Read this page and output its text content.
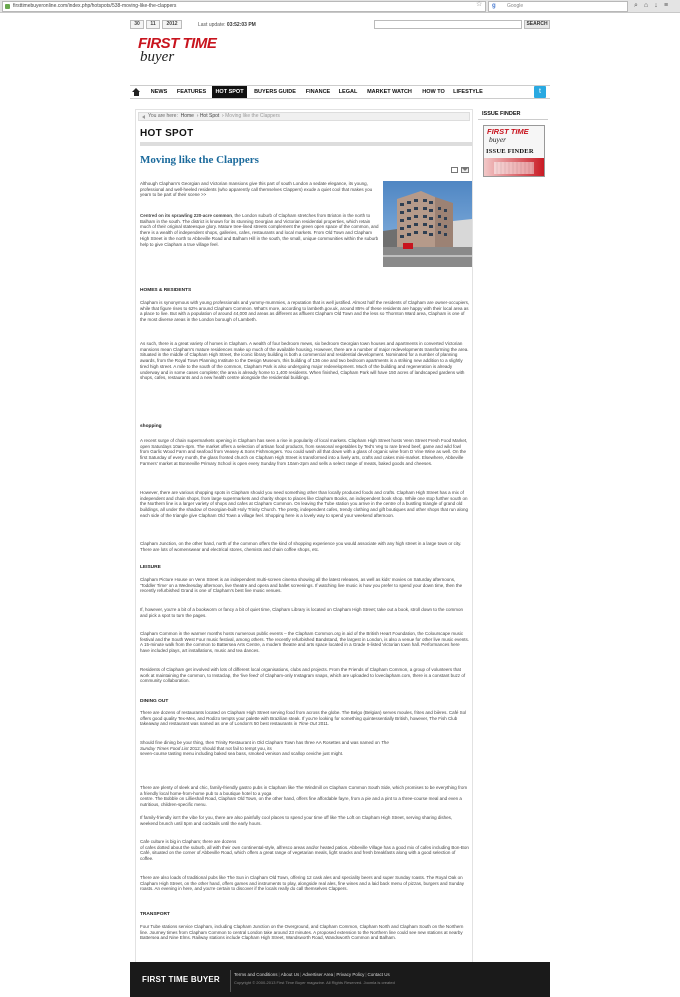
firsttimebuyeronline.com/index.php/hotspots/538-moving-like-the-clappers	☆ g Google	⌕ ⌂ ↓ ≡
30	11	2012	Last update: 03:52:03 PM	SEARCH
FIRST TIME
buyer
NEWS	FEATURES	HOT SPOT	BUYERS GUIDE	FINANCE	LEGAL	MARKET WATCH	HOW TO	LIFESTYLE	t
You are here: Home  › Hot Spot  › Moving like the Clappers
HOT SPOT
Moving like the Clappers
Although Clapham's Georgian and Victorian mansions give this part of south London a sedate elegance, its young, professional and well-heeled residents (who apparently call themselves Clappers) exude a quiet cool that makes you yearn to be part of their scene >>
Centred on its sprawling 220-acre common, the London suburb of Clapham stretches from Brixton in the north to Balham in the south. The district is known for its stunning Georgian and Victorian residential properties, which retain much of their original stateesque glory. Mature tree-lined streets complement the green open space of the common, and there is a wealth of independent shops, galleries, cafes, restaurants and local markets. From Old Town and Clapham High Street in the north to Abbeville Road and Balham Hill in the south, the small, unique communities within the suburb help to give Clapham a true village feel.
HOMES & RESIDENTS
Clapham is synonymous with young professionals and yummy-mummies, a reputation that is well justified. Almost half the residents of Clapham are owner-occupiers, while that figure rises to 62% around Clapham Common. What's more, according to lambeth.gov.uk, around 85% of these residents are happy with their local area as a place to live. But with a population of around 44,000 and areas as different as affluent Clapham Old Town and the less so Thornton Ward area, Clapham is one of the most diverse areas in the London borough of Lambeth.
As such, there is a great variety of homes in Clapham. A wealth of four bedroom mews, six bedroom Georgian town houses and apartments in converted Victorian mansions mean Clapham's mature residences make up much of the available housing. However, there are a number of major redevelopments transforming the area. Situated in the middle of Clapham High Street, the iconic library building is both a commercial and residential development. Nominated for a number of planning awards, from the Royal Town Planning Institute to the Design Museum, this building of 136 one and two bedroom apartments is a striking new addition to a slightly tired high street. A mile to the south of the common, Clapham Park is also undergoing major redevelopment. Much of the building and regeneration is already underway and in some cases complete; the area is already home to 1,400 residents. When finished, Clapham Park will have 150 acres of landscaped gardens with shops, cafes, restaurants and a new health centre alongside the residential buildings.
shopping
A recent surge of chain supermarkets opening in Clapham has seen a rise in popularity of local markets. Clapham High Street hosts Venn Street Fresh Food Market, open Saturdays 10am-4pm. The market offers a selection of artisan food products, from seasonal vegetables by Ted's Veg to rare breed beef, game and wild fowl from Garlic Wood Farm and seafood from Veasey & Sons Fishmongers. You could wash all that down with a glass of organic wine from D Vine Wine as well. On the first Saturday of every month, the glass fronted church on Clapham High Street is transformed into a lively arts, crafts and cakes mini-market. Elsewhere, Abbeville Farmers' market at Bonneville Primary School is open every Sunday from 10am-2pm and sells a select range of meats, baked goods and cheeses.
However, there are various shopping spots in Clapham should you need something other than locally produced foods and crafts. Clapham High Street has a mix of independent and chain shops, from large supermarkets and charity shops to places like Clapham Books, an independent book shop. While one stop further south on the Northern line is a larger variety of shops and cafes at Clapham Common. On leaving the Tube station you arrive in the centre of a bustling triangle of grand old buildings, all under the shadow of Georgian-built Holy Trinity Church. The pretty, independent cafes, trendy clothing and gift boutiques and other shops that run along each side of the triangle give Clapham Old Town a village feel. Shopping here is a lovely way to spend your weekend afternoon.
Clapham Junction, on the other hand, north of the common offers the kind of shopping experience you would associate with any high street in a large town or city. There are lots of womenswear and electrical stores, chemists and chain coffee shops, etc.
LEISURE
Clapham Picture House on Venn Street is an independent multi-screen cinema showing all the latest releases, as well as kids' movies on Saturday afternoons, 'Toddler Time' on a Wednesday afternoon, live theatre and opera and ballet screenings. If watching live music is how you prefer to spend your down time, then the recently refurbished Grand is one of Clapham's best live music venues.
If, however, you're a bit of a bookworm or fancy a bit of quiet time, Clapham Library is located on Clapham High Street; take out a book, stroll down to the common and pick a spot to turn the pages.
Clapham Common in the warmer months hosts numerous public events – the Clapham Common.org in aid of the British Heart Foundation, the Colourscape music festival and the South West Four music festival, among others. The recently refurbished Bandstand, the largest in London, is also a venue for other live music events. A 15-minute walk from the common to Battersea Arts Centre, a modern theatre and arts space located in a Grade II-listed Victorian town hall. Performances here have included plays, art installations, music and tea dances.
Residents of Clapham get involved with lots of different local organisations, clubs and projects. From the Friends of Clapham Common, a group of volunteers that work at maintaining the common, to Instaclap, the 'live feed' of Clapham-only Instagram snaps, which are uploaded to loveclapham.com, there is a constant buzz of community collaboration.
DINING OUT
There are dozens of restaurants located on Clapham High Street serving food from across the globe. The Belgo (Belgian) serves moules, frites and bières. Café Sol offers good quality Tex-Mex, and Rodizo tempts your palette with Brazilian steak. If you're looking for something quintessentially British, however, The Fish Club takeaway and restaurant was named as one of London's 50 best restaurants in Time Out 2011.
Should fine dining be your thing, then Trinity Restaurant in Old Clapham Town has three AA Rosettes and was named on The Sunday Times Food List 2012; should that not fail to tempt you, its
seven-course tasting menu including baked sea bass, smoked venison and scallop ceviche just might.
There are plenty of sleek and chic, family-friendly gastro pubs in Clapham like The Windmill on Clapham Common South Side, which promises to be everything from a friendly local home-from-home pub to a boutique hotel to a yoga
centre. The Bobble on Lillieshall Road, Clapham Old Town, on the other hand, offers fine affordable fayre, from a pie and a pint to a three-course meal and even a nutritious, children-specific menu.
If family-friendly isn't the vibe for you, there are also painfully cool places to spend your time off like The Loft on Clapham High Street, serving sharing dishes, weekend brunch until 5pm and cocktails until the early hours.
Cafe culture is big in Clapham; there are dozens
of cafes dotted about the suburb, all with their own continental-style, alfresco areas and/or heated patios. Abbeville Village has a good mix of cafes including Bon-Bon Café, situated on the corner of Abbeville Road, which offers a great range of vegetarian meals, light snacks and fresh breakfasts along with a good selection of coffee.
There are also loads of traditional pubs like The Sun in Clapham Old Town, offering 12 cask ales and speciality beers and super Sunday roasts. The Royal Oak on Clapham High Street, on the other hand, offers games and instruments to play, alongside real ales, fine wines and a laid back menu of pizzas, burgers and Sunday roasts. An evening in here, and you're certain to discover if the locals really do call themselves Clappers.
TRANSPORT
Four Tube stations service Clapham, including Clapham Junction on the Overground, and Clapham Common, Clapham North and Clapham South on the Northern line. Journey times from Clapham Common to central London take around 23 minutes. A proposed extension to the Northern line could see new stations at nearby Battersea and Nine Elms. Railway stations include Clapham High Street, Wandsworth Road, Wandsworth Common and Balham.
ISSUE FINDER
FIRST TIME
buyer
ISSUE FINDER
FIRST TIME BUYER
Terms and Conditions|About Us|Advertiser Area|Privacy Policy|Contact Us
Copyright © 2000-2013 First Time Buyer magazine. All Rights Reserved. Joomla is created
